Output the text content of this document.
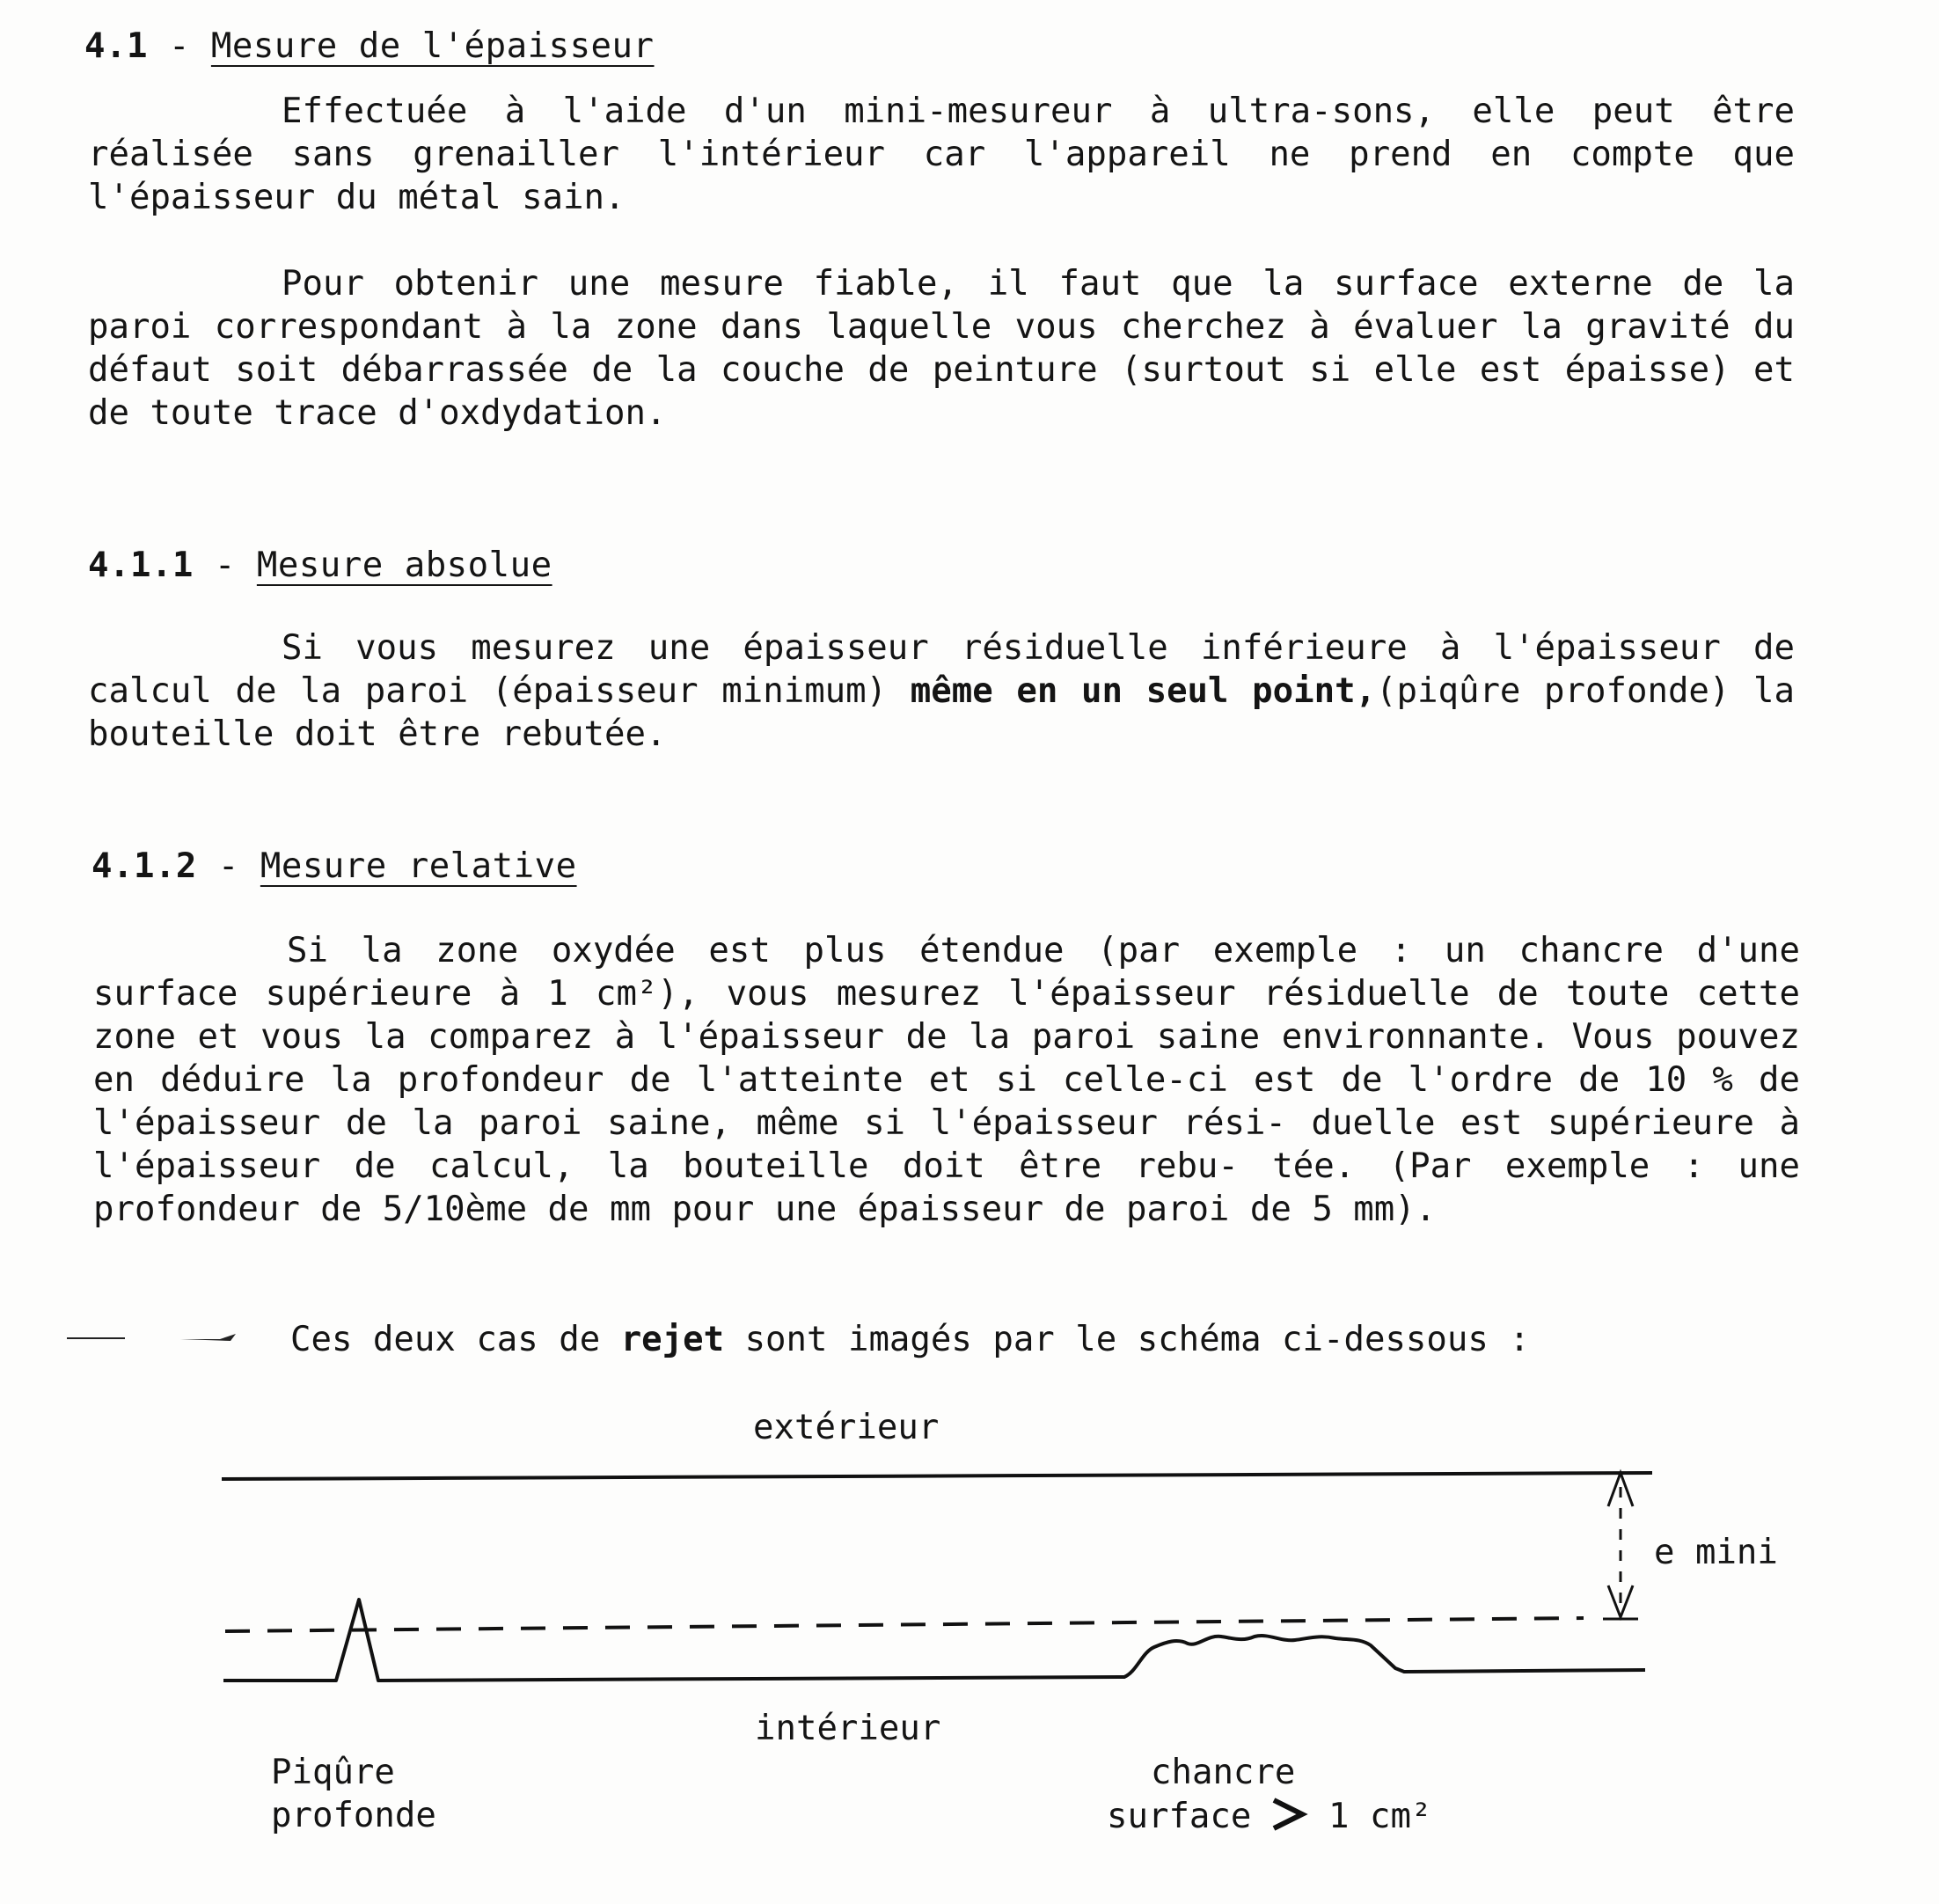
4.1 - Mesure de l'épaisseur

Effectuée à l'aide d'un mini-mesureur à ultra-sons, elle peut être réalisée sans grenailler l'intérieur car l'appareil ne prend en compte que l'épaisseur du métal sain.

Pour obtenir une mesure fiable, il faut que la surface externe de la paroi correspondant à la zone dans laquelle vous cherchez à évaluer la gravité du défaut soit débarrassée de la couche de peinture (surtout si elle est épaisse) et de toute trace d'oxdydation.

4.1.1 - Mesure absolue

Si vous mesurez une épaisseur résiduelle inférieure à l'épaisseur de calcul de la paroi (épaisseur minimum) même en un seul point,(piqûre profonde) la bouteille doit être rebutée.

4.1.2 - Mesure relative

Si la zone oxydée est plus étendue (par exemple : un chancre d'une surface supérieure à 1 cm²), vous mesurez l'épaisseur résiduelle de toute cette zone et vous la comparez à l'épaisseur de la paroi saine environnante. Vous pouvez en déduire la profondeur de l'atteinte et si celle-ci est de l'ordre de 10 % de l'épaisseur de la paroi saine, même si l'épaisseur rési- duelle est supérieure à l'épaisseur de calcul, la bouteille doit être rebu- tée. (Par exemple : une profondeur de 5/10ème de mm pour une épaisseur de paroi de 5 mm).

Ces deux cas de rejet sont imagés par le schéma ci-dessous :
extérieur
e mini
intérieur
Piqûre
profonde
chancre
surface 1 cm²
